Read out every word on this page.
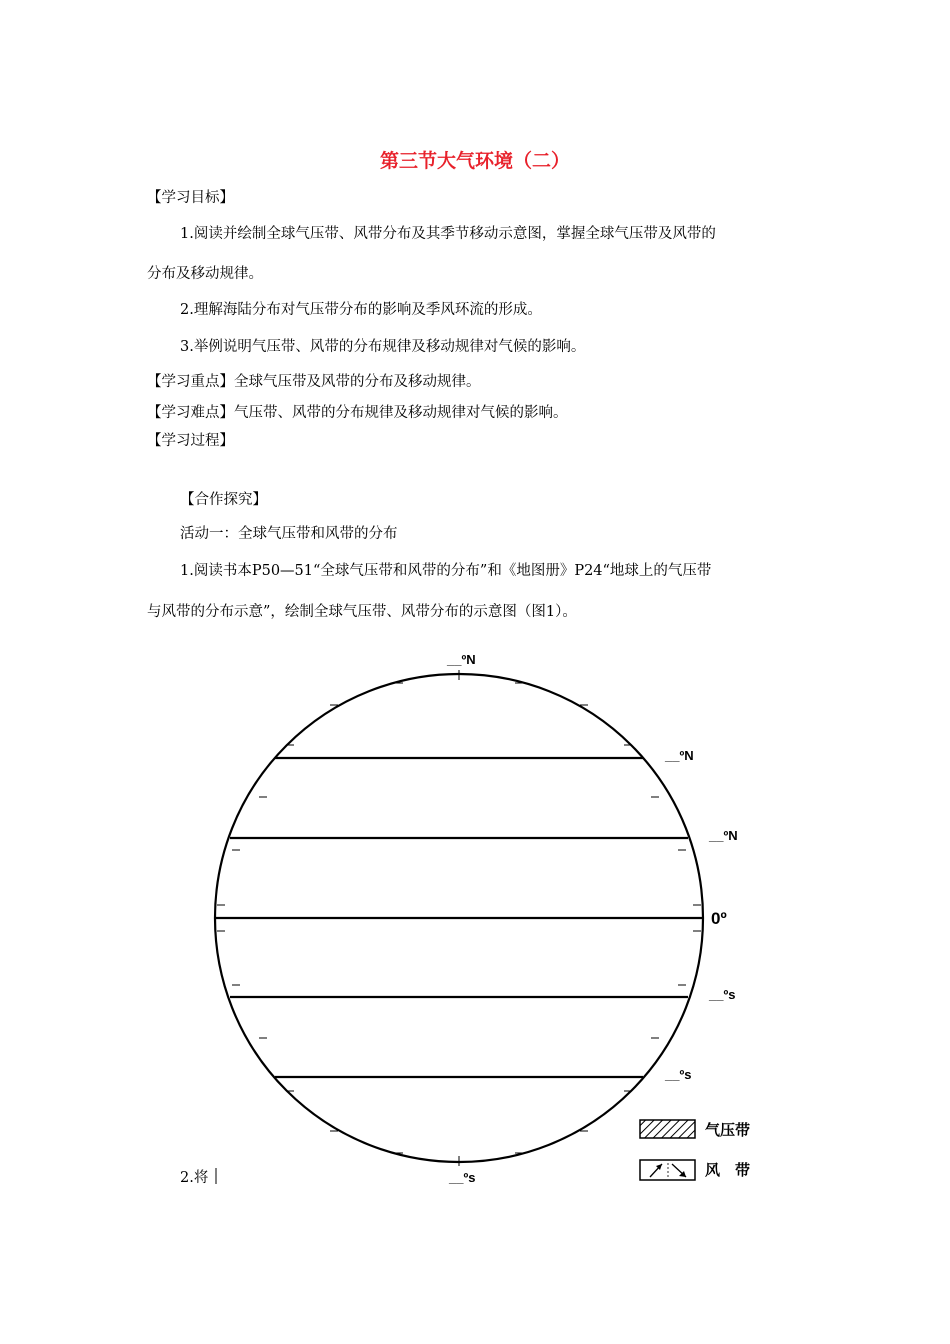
第三节大气环境（二）
【学习目标】
1.阅读并绘制全球气压带、风带分布及其季节移动示意图，掌握全球气压带及风带的
分布及移动规律。
2.理解海陆分布对气压带分布的影响及季风环流的形成。
3.举例说明气压带、风带的分布规律及移动规律对气候的影响。
【学习重点】全球气压带及风带的分布及移动规律。
【学习难点】气压带、风带的分布规律及移动规律对气候的影响。
【学习过程】
【合作探究】
活动一：全球气压带和风带的分布
1.阅读书本P50—51“全球气压带和风带的分布”和《地图册》P24“地球上的气压带
与风带的分布示意”，绘制全球气压带、风带分布的示意图（图1）。
2.将
__ºN
__ºN
__ºN
0º
__ºs
__ºs
__ºs
气压带
风　带
